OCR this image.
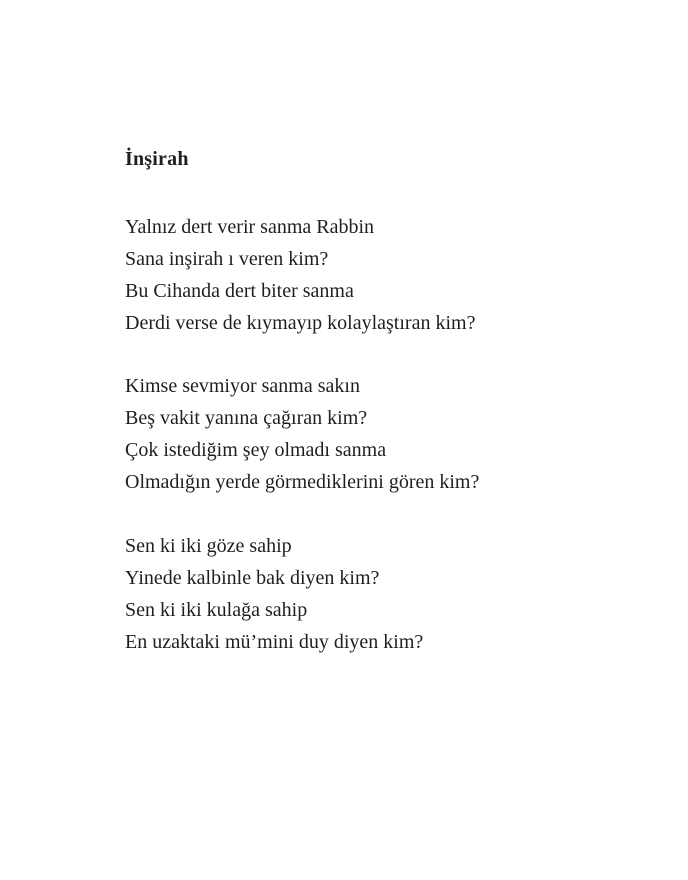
İnşirah
Yalnız dert verir sanma Rabbin
Sana inşirah ı veren kim?
Bu Cihanda dert biter sanma
Derdi verse de kıymayıp kolaylaştıran kim?
Kimse sevmiyor sanma sakın
Beş vakit yanına çağıran kim?
Çok istediğim şey olmadı sanma
Olmadığın yerde görmediklerini gören kim?
Sen ki iki göze sahip
Yinede kalbinle bak diyen kim?
Sen ki iki kulağa sahip
En uzaktaki mü’mini duy diyen kim?
